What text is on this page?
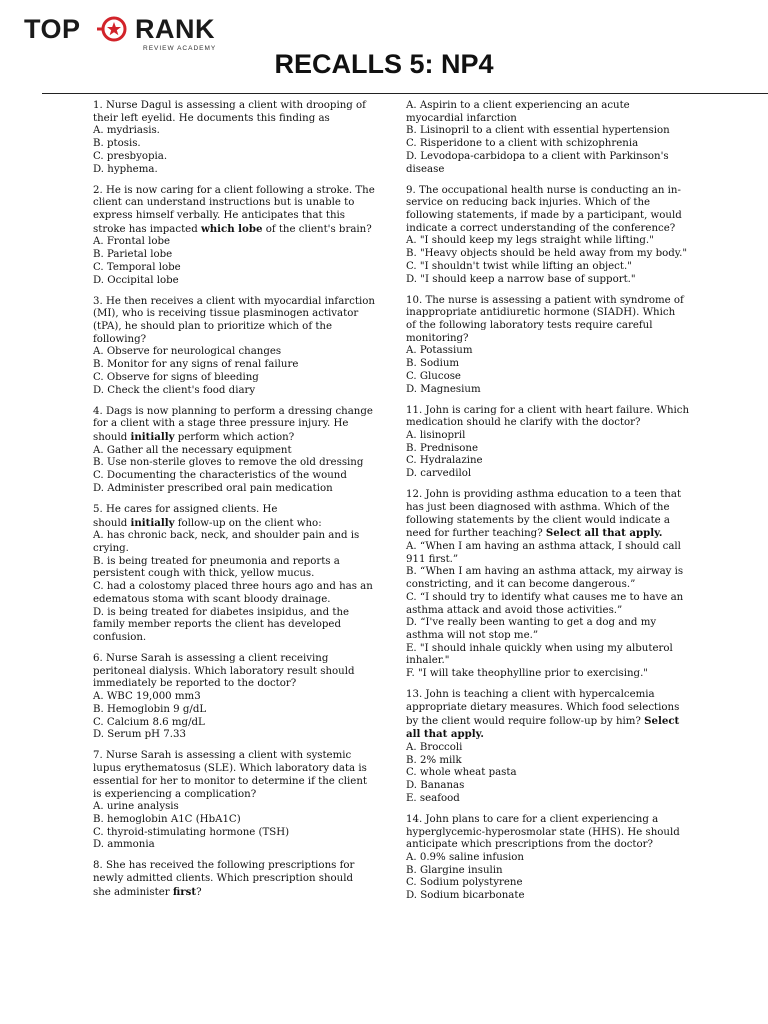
TOP RANK
REVIEW ACADEMY
RECALLS 5: NP4
1. Nurse Dagul is assessing a client with drooping of
their left eyelid. He documents this finding as
A. mydriasis.
B. ptosis.
C. presbyopia.
D. hyphema.
2. He is now caring for a client following a stroke. The
client can understand instructions but is unable to
express himself verbally. He anticipates that this
stroke has impacted which lobe of the client's brain?
A. Frontal lobe
B. Parietal lobe
C. Temporal lobe
D. Occipital lobe
3. He then receives a client with myocardial infarction
(MI), who is receiving tissue plasminogen activator
(tPA), he should plan to prioritize which of the
following?
A. Observe for neurological changes
B. Monitor for any signs of renal failure
C. Observe for signs of bleeding
D. Check the client's food diary
4. Dags is now planning to perform a dressing change
for a client with a stage three pressure injury. He
should initially perform which action?
A. Gather all the necessary equipment
B. Use non-sterile gloves to remove the old dressing
C. Documenting the characteristics of the wound
D. Administer prescribed oral pain medication
5. He cares for assigned clients. He
should initially follow-up on the client who:
A. has chronic back, neck, and shoulder pain and is
crying.
B. is being treated for pneumonia and reports a
persistent cough with thick, yellow mucus.
C. had a colostomy placed three hours ago and has an
edematous stoma with scant bloody drainage.
D. is being treated for diabetes insipidus, and the
family member reports the client has developed
confusion.
6. Nurse Sarah is assessing a client receiving
peritoneal dialysis. Which laboratory result should
immediately be reported to the doctor?
A. WBC 19,000 mm3
B. Hemoglobin 9 g/dL
C. Calcium 8.6 mg/dL
D. Serum pH 7.33
7. Nurse Sarah is assessing a client with systemic
lupus erythematosus (SLE). Which laboratory data is
essential for her to monitor to determine if the client
is experiencing a complication?
A. urine analysis
B. hemoglobin A1C (HbA1C)
C. thyroid-stimulating hormone (TSH)
D. ammonia
8. She has received the following prescriptions for
newly admitted clients. Which prescription should
she administer first?
A. Aspirin to a client experiencing an acute
myocardial infarction
B. Lisinopril to a client with essential hypertension
C. Risperidone to a client with schizophrenia
D. Levodopa-carbidopa to a client with Parkinson's
disease
9. The occupational health nurse is conducting an in-
service on reducing back injuries. Which of the
following statements, if made by a participant, would
indicate a correct understanding of the conference?
A. "I should keep my legs straight while lifting."
B. "Heavy objects should be held away from my body."
C. "I shouldn't twist while lifting an object."
D. "I should keep a narrow base of support."
10. The nurse is assessing a patient with syndrome of
inappropriate antidiuretic hormone (SIADH). Which
of the following laboratory tests require careful
monitoring?
A. Potassium
B. Sodium
C. Glucose
D. Magnesium
11. John is caring for a client with heart failure. Which
medication should he clarify with the doctor?
A. lisinopril
B. Prednisone
C. Hydralazine
D. carvedilol
12. John is providing asthma education to a teen that
has just been diagnosed with asthma. Which of the
following statements by the client would indicate a
need for further teaching? Select all that apply.
A. “When I am having an asthma attack, I should call
911 first.”
B. “When I am having an asthma attack, my airway is
constricting, and it can become dangerous.”
C. “I should try to identify what causes me to have an
asthma attack and avoid those activities.”
D. “I've really been wanting to get a dog and my
asthma will not stop me.”
E. "I should inhale quickly when using my albuterol
inhaler."
F. "I will take theophylline prior to exercising."
13. John is teaching a client with hypercalcemia
appropriate dietary measures. Which food selections
by the client would require follow-up by him? Select
all that apply.
A. Broccoli
B. 2% milk
C. whole wheat pasta
D. Bananas
E. seafood
14. John plans to care for a client experiencing a
hyperglycemic-hyperosmolar state (HHS). He should
anticipate which prescriptions from the doctor?
A. 0.9% saline infusion
B. Glargine insulin
C. Sodium polystyrene
D. Sodium bicarbonate
